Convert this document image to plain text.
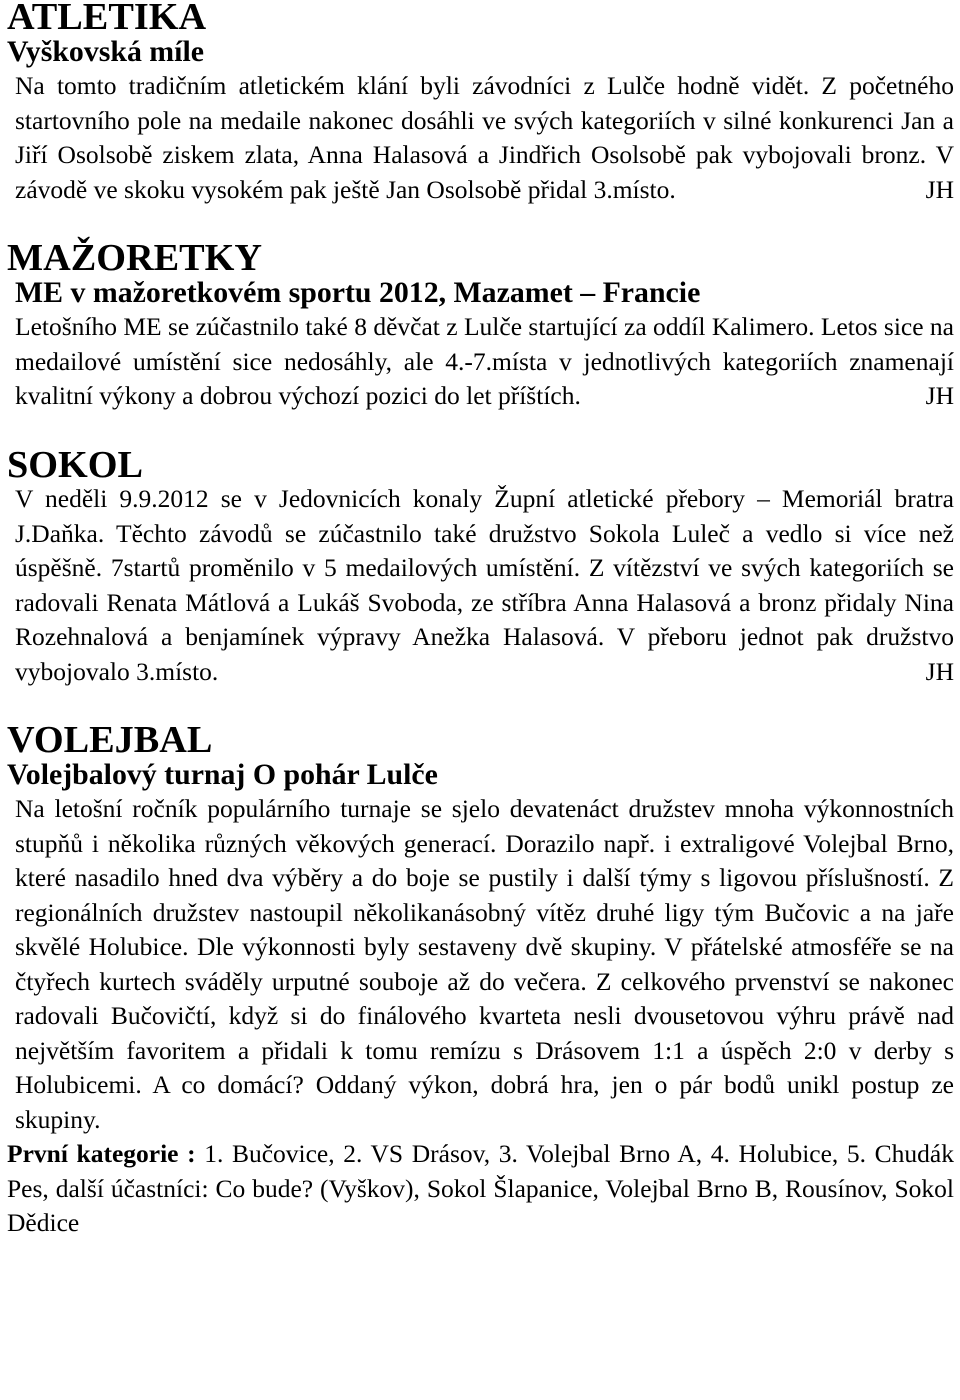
ATLETIKA
Vyškovská míle

Na tomto tradičním atletickém klání byli závodníci z Lulče hodně vidět. Z početného startovního pole na medaile nakonec dosáhli ve svých kategoriích v silné konkurenci Jan a Jiří Osolsobě ziskem zlata, Anna Halasová a Jindřich Osolsobě pak vybojovali bronz. V závodě ve skoku vysokém pak ještě Jan Osolsobě přidal 3.místo.	JH

MAŽORETKY
ME v mažoretkovém sportu 2012, Mazamet – Francie

Letošního ME se zúčastnilo také 8 děvčat z Lulče startující za oddíl Kalimero. Letos sice na medailové umístění sice nedosáhly, ale 4.-7.místa v jednotlivých kategoriích znamenají kvalitní výkony a dobrou výchozí pozici do let příštích.	JH

SOKOL

V neděli 9.9.2012 se v Jedovnicích konaly Župní atletické přebory – Memoriál bratra J.Daňka. Těchto závodů se zúčastnilo také družstvo Sokola Luleč a vedlo si více než úspěšně. 7startů proměnilo v 5 medailových umístění. Z vítězství ve svých kategoriích se radovali Renata Mátlová a Lukáš Svoboda, ze stříbra Anna Halasová a bronz přidaly Nina Rozehnalová a benjamínek výpravy Anežka Halasová. V přeboru jednot pak družstvo vybojovalo 3.místo.	JH

VOLEJBAL
Volejbalový turnaj O pohár Lulče

Na letošní ročník populárního turnaje se sjelo devatenáct družstev mnoha výkonnostních stupňů i několika různých věkových generací. Dorazilo např. i extraligové Volejbal Brno, které nasadilo hned dva výběry a do boje se pustily i další týmy s ligovou příslušností. Z regionálních družstev nastoupil několikanásobný vítěz druhé ligy tým Bučovic a na jaře skvělé Holubice. Dle výkonnosti byly sestaveny dvě skupiny. V přátelské atmosféře se na čtyřech kurtech sváděly urputné souboje až do večera. Z celkového prvenství se nakonec radovali Bučovičtí, když si do finálového kvarteta nesli dvousetovou výhru právě nad největším favoritem a přidali k tomu remízu s Drásovem 1:1 a úspěch 2:0 v derby s Holubicemi. A co domácí? Oddaný výkon, dobrá hra, jen o pár bodů unikl postup ze skupiny.

První kategorie : 1. Bučovice, 2. VS Drásov, 3. Volejbal Brno A, 4. Holubice, 5. Chudák Pes, další účastníci: Co bude? (Vyškov), Sokol Šlapanice, Volejbal Brno B, Rousínov, Sokol Dědice
